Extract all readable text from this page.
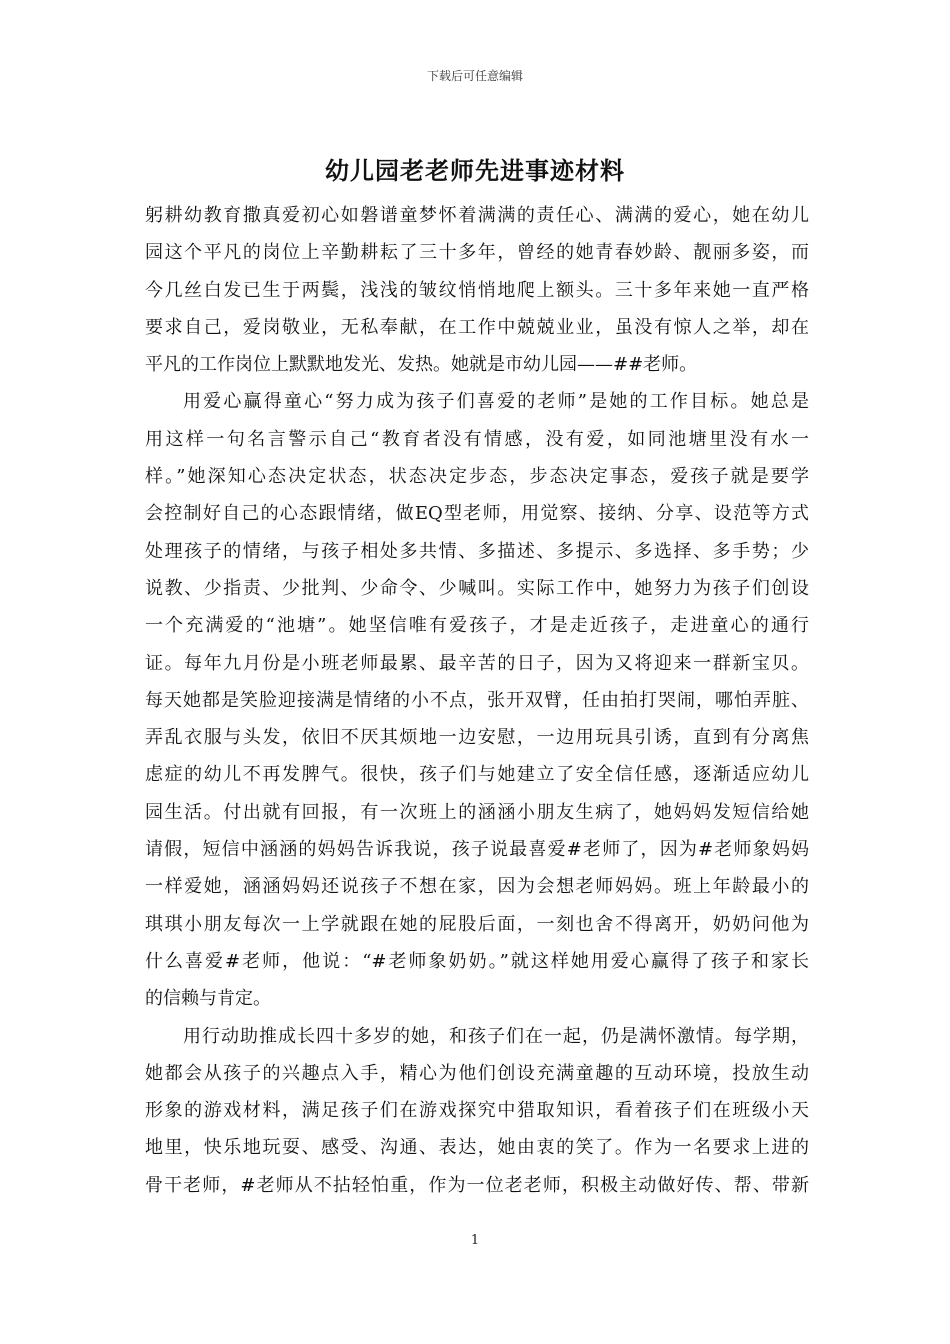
下载后可任意编辑
幼儿园老老师先进事迹材料
躬耕幼教育撒真爱初心如磐谱童梦怀着满满的责任心、满满的爱心，她在幼儿
园这个平凡的岗位上辛勤耕耘了三十多年，曾经的她青春妙龄、靓丽多姿，而
今几丝白发已生于两鬓，浅浅的皱纹悄悄地爬上额头。三十多年来她一直严格
要求自己，爱岗敬业，无私奉献，在工作中兢兢业业，虽没有惊人之举，却在
平凡的工作岗位上默默地发光、发热。她就是市幼儿园——##老师。
用爱心赢得童心“努力成为孩子们喜爱的老师”是她的工作目标。她总是
用这样一句名言警示自己“教育者没有情感，没有爱，如同池塘里没有水一
样。”她深知心态决定状态，状态决定步态，步态决定事态，爱孩子就是要学
会控制好自己的心态跟情绪，做EQ型老师，用觉察、接纳、分享、设范等方式
处理孩子的情绪，与孩子相处多共情、多描述、多提示、多选择、多手势；少
说教、少指责、少批判、少命令、少喊叫。实际工作中，她努力为孩子们创设
一个充满爱的“池塘”。她坚信唯有爱孩子，才是走近孩子，走进童心的通行
证。每年九月份是小班老师最累、最辛苦的日子，因为又将迎来一群新宝贝。
每天她都是笑脸迎接满是情绪的小不点，张开双臂，任由拍打哭闹，哪怕弄脏、
弄乱衣服与头发，依旧不厌其烦地一边安慰，一边用玩具引诱，直到有分离焦
虑症的幼儿不再发脾气。很快，孩子们与她建立了安全信任感，逐渐适应幼儿
园生活。付出就有回报，有一次班上的涵涵小朋友生病了，她妈妈发短信给她
请假，短信中涵涵的妈妈告诉我说，孩子说最喜爱#老师了，因为#老师象妈妈
一样爱她，涵涵妈妈还说孩子不想在家，因为会想老师妈妈。班上年龄最小的
琪琪小朋友每次一上学就跟在她的屁股后面，一刻也舍不得离开，奶奶问他为
什么喜爱#老师，他说：“#老师象奶奶。”就这样她用爱心赢得了孩子和家长
的信赖与肯定。
用行动助推成长四十多岁的她，和孩子们在一起，仍是满怀激情。每学期，
她都会从孩子的兴趣点入手，精心为他们创设充满童趣的互动环境，投放生动
形象的游戏材料，满足孩子们在游戏探究中猎取知识，看着孩子们在班级小天
地里，快乐地玩耍、感受、沟通、表达，她由衷的笑了。作为一名要求上进的
骨干老师，#老师从不拈轻怕重，作为一位老老师，积极主动做好传、帮、带新
1
